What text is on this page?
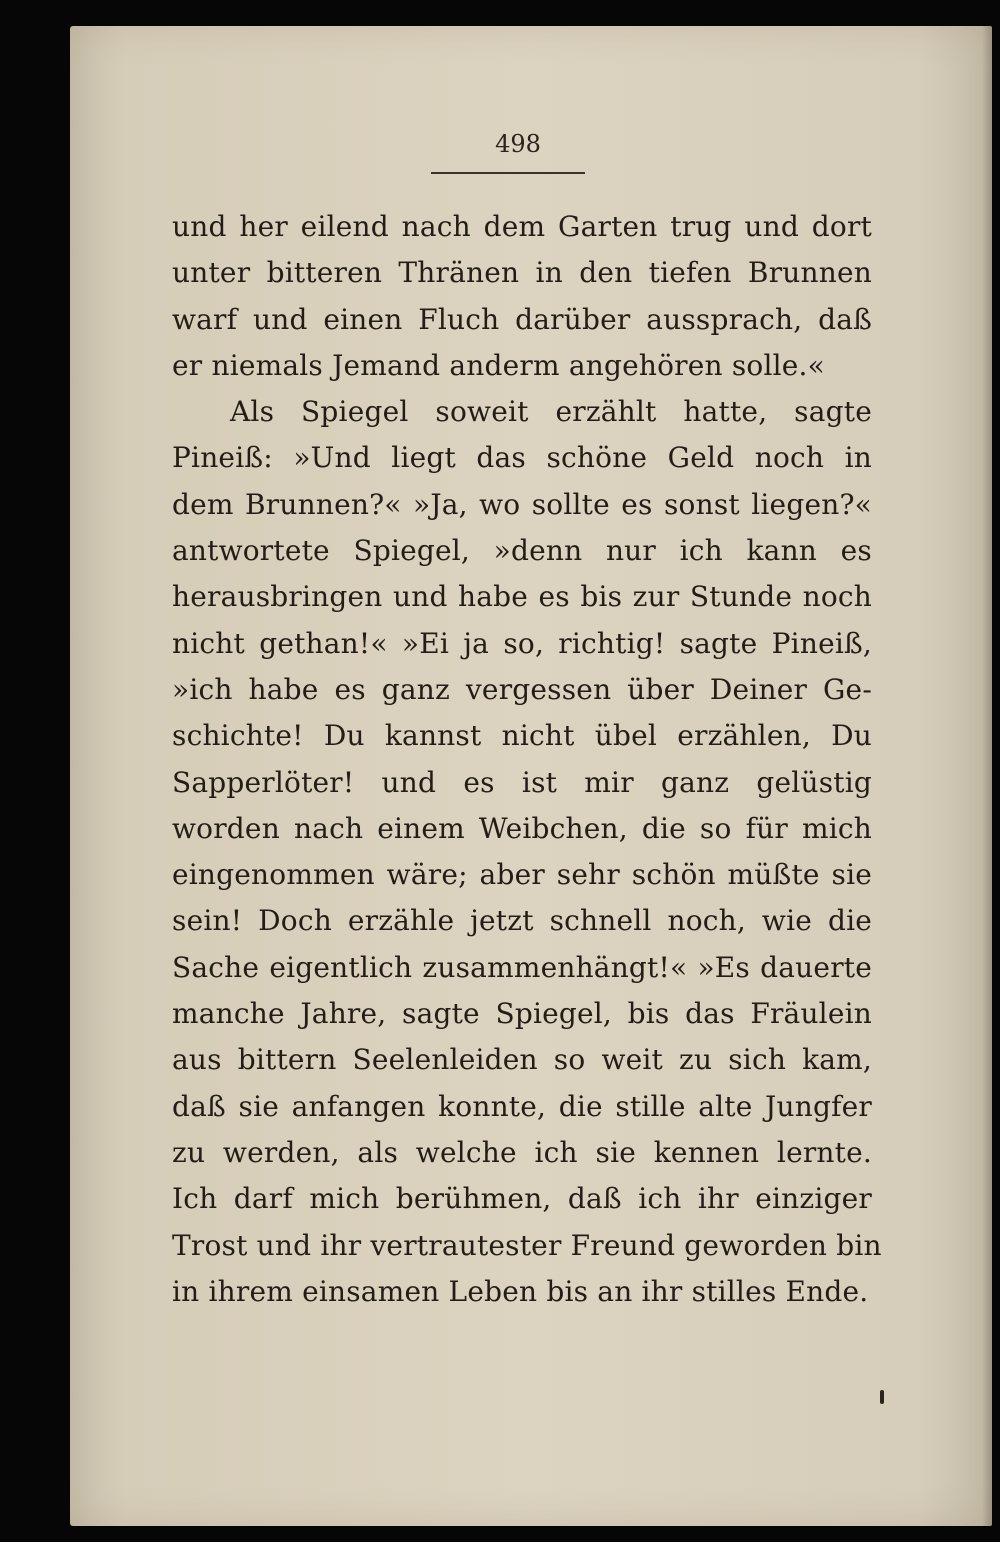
498
und her eilend nach dem Garten trug und dort
unter bitteren Thränen in den tiefen Brunnen
warf und einen Fluch darüber aussprach, daß
er niemals Jemand anderm angehören solle.«
Als Spiegel soweit erzählt hatte, sagte
Pineiß: »Und liegt das schöne Geld noch in
dem Brunnen?« »Ja, wo sollte es sonst liegen?«
antwortete Spiegel, »denn nur ich kann es
herausbringen und habe es bis zur Stunde noch
nicht gethan!« »Ei ja so, richtig! sagte Pineiß,
»ich habe es ganz vergessen über Deiner Ge-
schichte! Du kannst nicht übel erzählen, Du
Sapperlöter! und es ist mir ganz gelüstig
worden nach einem Weibchen, die so für mich
eingenommen wäre; aber sehr schön müßte sie
sein! Doch erzähle jetzt schnell noch, wie die
Sache eigentlich zusammenhängt!« »Es dauerte
manche Jahre, sagte Spiegel, bis das Fräulein
aus bittern Seelenleiden so weit zu sich kam,
daß sie anfangen konnte, die stille alte Jungfer
zu werden, als welche ich sie kennen lernte.
Ich darf mich berühmen, daß ich ihr einziger
Trost und ihr vertrautester Freund geworden bin
in ihrem einsamen Leben bis an ihr stilles Ende.
